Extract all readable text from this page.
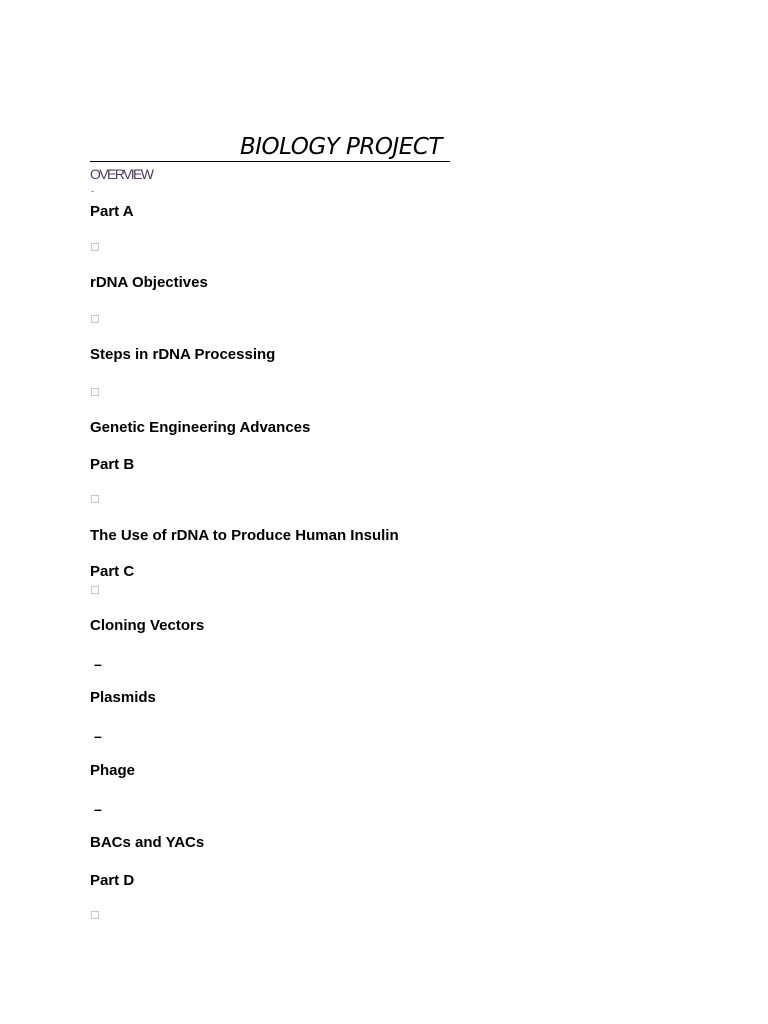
BIOLOGY PROJECT
OVERVIEW
-
Part A
rDNA Objectives
Steps in rDNA Processing
Genetic Engineering Advances
Part B
The Use of rDNA to Produce Human Insulin
Part C
Cloning Vectors
–
Plasmids
–
Phage
–
BACs and YACs
Part D
